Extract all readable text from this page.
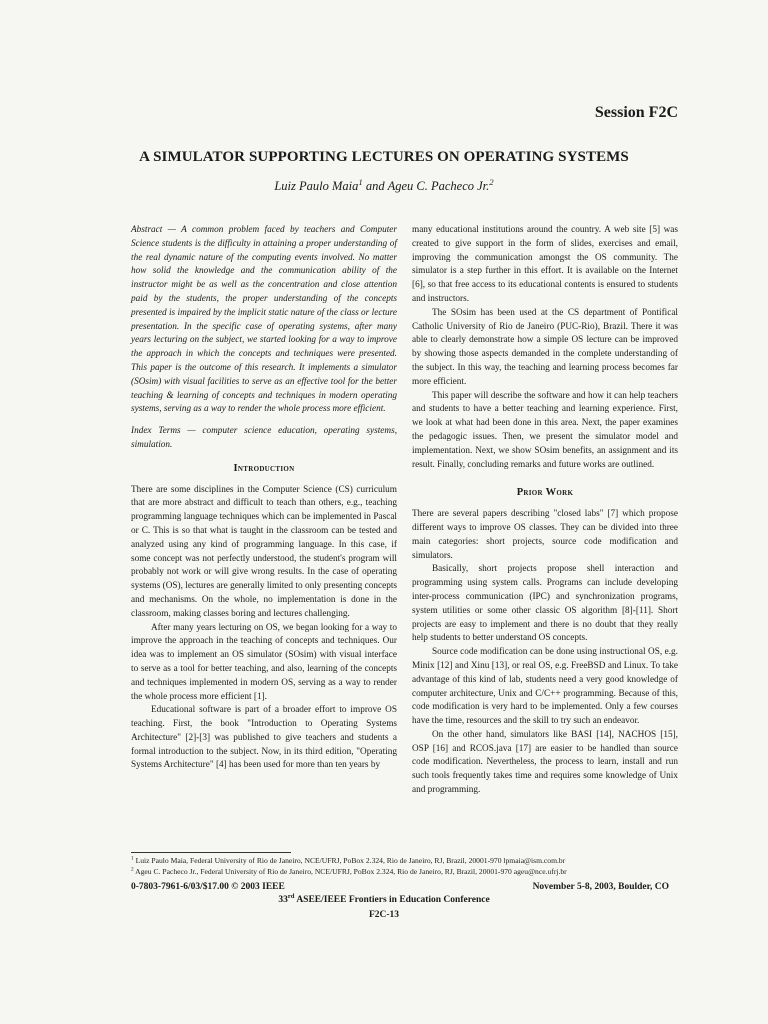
Session F2C
A SIMULATOR SUPPORTING LECTURES ON OPERATING SYSTEMS
Luiz Paulo Maia$^1$ and Ageu C. Pacheco Jr.$^2$

Abstract — A common problem faced by teachers and Computer Science students is the difficulty in attaining a proper understanding of the real dynamic nature of the computing events involved. No matter how solid the knowledge and the communication ability of the instructor might be as well as the concentration and close attention paid by the students, the proper understanding of the concepts presented is impaired by the implicit static nature of the class or lecture presentation. In the specific case of operating systems, after many years lecturing on the subject, we started looking for a way to improve the approach in which the concepts and techniques were presented. This paper is the outcome of this research. It implements a simulator (SOsim) with visual facilities to serve as an effective tool for the better teaching & learning of concepts and techniques in modern operating systems, serving as a way to render the whole process more efficient.

Index Terms — computer science education, operating systems, simulation.

Introduction

There are some disciplines in the Computer Science (CS) curriculum that are more abstract and difficult to teach than others, e.g., teaching programming language techniques which can be implemented in Pascal or C. This is so that what is taught in the classroom can be tested and analyzed using any kind of programming language. In this case, if some concept was not perfectly understood, the student's program will probably not work or will give wrong results. In the case of operating systems (OS), lectures are generally limited to only presenting concepts and mechanisms. On the whole, no implementation is done in the classroom, making classes boring and lectures challenging.

After many years lecturing on OS, we began looking for a way to improve the approach in the teaching of concepts and techniques. Our idea was to implement an OS simulator (SOsim) with visual interface to serve as a tool for better teaching, and also, learning of the concepts and techniques implemented in modern OS, serving as a way to render the whole process more efficient [1].

Educational software is part of a broader effort to improve OS teaching. First, the book "Introduction to Operating Systems Architecture" [2]-[3] was published to give teachers and students a formal introduction to the subject. Now, in its third edition, "Operating Systems Architecture" [4] has been used for more than ten years by

many educational institutions around the country. A web site [5] was created to give support in the form of slides, exercises and email, improving the communication amongst the OS community. The simulator is a step further in this effort. It is available on the Internet [6], so that free access to its educational contents is ensured to students and instructors.

The SOsim has been used at the CS department of Pontifical Catholic University of Rio de Janeiro (PUC-Rio), Brazil. There it was able to clearly demonstrate how a simple OS lecture can be improved by showing those aspects demanded in the complete understanding of the subject. In this way, the teaching and learning process becomes far more efficient.

This paper will describe the software and how it can help teachers and students to have a better teaching and learning experience. First, we look at what had been done in this area. Next, the paper examines the pedagogic issues. Then, we present the simulator model and implementation. Next, we show SOsim benefits, an assignment and its result. Finally, concluding remarks and future works are outlined.

Prior Work

There are several papers describing "closed labs" [7] which propose different ways to improve OS classes. They can be divided into three main categories: short projects, source code modification and simulators.

Basically, short projects propose shell interaction and programming using system calls. Programs can include developing inter-process communication (IPC) and synchronization programs, system utilities or some other classic OS algorithm [8]-[11]. Short projects are easy to implement and there is no doubt that they really help students to better understand OS concepts.

Source code modification can be done using instructional OS, e.g. Minix [12] and Xinu [13], or real OS, e.g. FreeBSD and Linux. To take advantage of this kind of lab, students need a very good knowledge of computer architecture, Unix and C/C++ programming. Because of this, code modification is very hard to be implemented. Only a few courses have the time, resources and the skill to try such an endeavor.

On the other hand, simulators like BASI [14], NACHOS [15], OSP [16] and RCOS.java [17] are easier to be handled than source code modification. Nevertheless, the process to learn, install and run such tools frequently takes time and requires some knowledge of Unix and programming.

$^1$ Luiz Paulo Maia, Federal University of Rio de Janeiro, NCE/UFRJ, PoBox 2.324, Rio de Janeiro, RJ, Brazil, 20001-970 lpmaia@ism.com.br

$^2$ Ageu C. Pacheco Jr., Federal University of Rio de Janeiro, NCE/UFRJ, PoBox 2.324, Rio de Janeiro, RJ, Brazil, 20001-970 ageu@nce.ufrj.br

0-7803-7961-6/03/$17.00 © 2003 IEEE	November 5-8, 2003, Boulder, CO
33rd ASEE/IEEE Frontiers in Education Conference
F2C-13
